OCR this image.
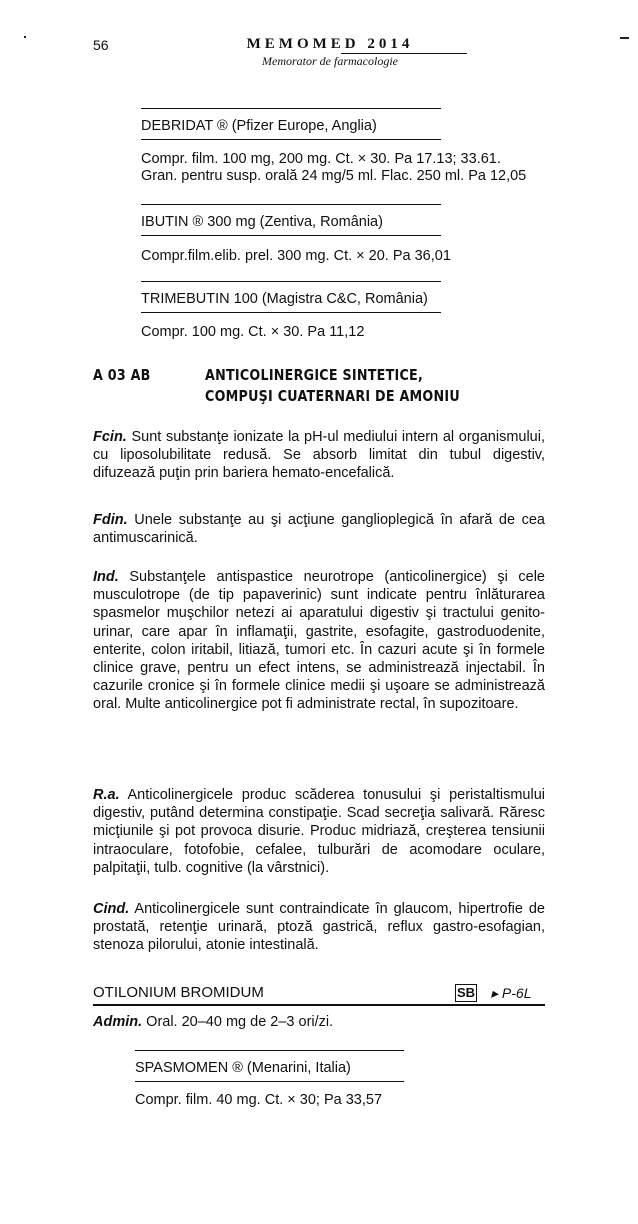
56	MEMOMED 2014
Memorator de farmacologie
DEBRIDAT ® (Pfizer Europe, Anglia)
Compr. film. 100 mg, 200 mg. Ct. × 30. Pa 17.13; 33.61.
Gran. pentru susp. orală 24 mg/5 ml. Flac. 250 ml. Pa 12,05
IBUTIN ® 300 mg (Zentiva, România)
Compr.film.elib. prel. 300 mg. Ct. × 20. Pa 36,01
TRIMEBUTIN 100 (Magistra C&C, România)
Compr. 100 mg. Ct. × 30. Pa 11,12
A 03 AB	ANTICOLINERGICE SINTETICE,
COMPUŞI CUATERNARI DE AMONIU
Fcin. Sunt substanţe ionizate la pH-ul mediului intern al organismului, cu liposolubilitate redusă. Se absorb limitat din tubul digestiv, difuzează puţin prin bariera hemato-encefalică.
Fdin. Unele substanţe au şi acţiune ganglioplegică în afară de cea antimuscarinică.
Ind. Substanţele antispastice neurotrope (anticolinergice) şi cele musculotrope (de tip papaverinic) sunt indicate pentru înlăturarea spasmelor muşchilor netezi ai aparatului digestiv şi tractului genito-urinar, care apar în inflamaţii, gastrite, esofagite, gastroduodenite, enterite, colon iritabil, litiază, tumori etc. În cazuri acute şi în formele clinice grave, pentru un efect intens, se administrează injectabil. În cazurile cronice şi în formele clinice medii şi uşoare se administrează oral. Multe anticolinergice pot fi administrate rectal, în supozitoare.
R.a. Anticolinergicele produc scăderea tonusului şi peristaltismului digestiv, putând determina constipaţie. Scad secreţia salivară. Răresc micţiunile şi pot provoca disurie. Produc midriază, creşterea tensiunii intraoculare, fotofobie, cefalee, tulburări de acomodare oculare, palpitaţii, tulb. cognitive (la vârstnici).
Cind. Anticolinergicele sunt contraindicate în glaucom, hipertrofie de prostată, retenţie urinară, ptoză gastrică, reflux gastro-esofagian, stenoza pilorului, atonie intestinală.
OTILONIUM BROMIDUM	SB ▸ P-6L
Admin. Oral. 20–40 mg de 2–3 ori/zi.
SPASMOMEN ® (Menarini, Italia)
Compr. film. 40 mg. Ct. × 30; Pa 33,57
